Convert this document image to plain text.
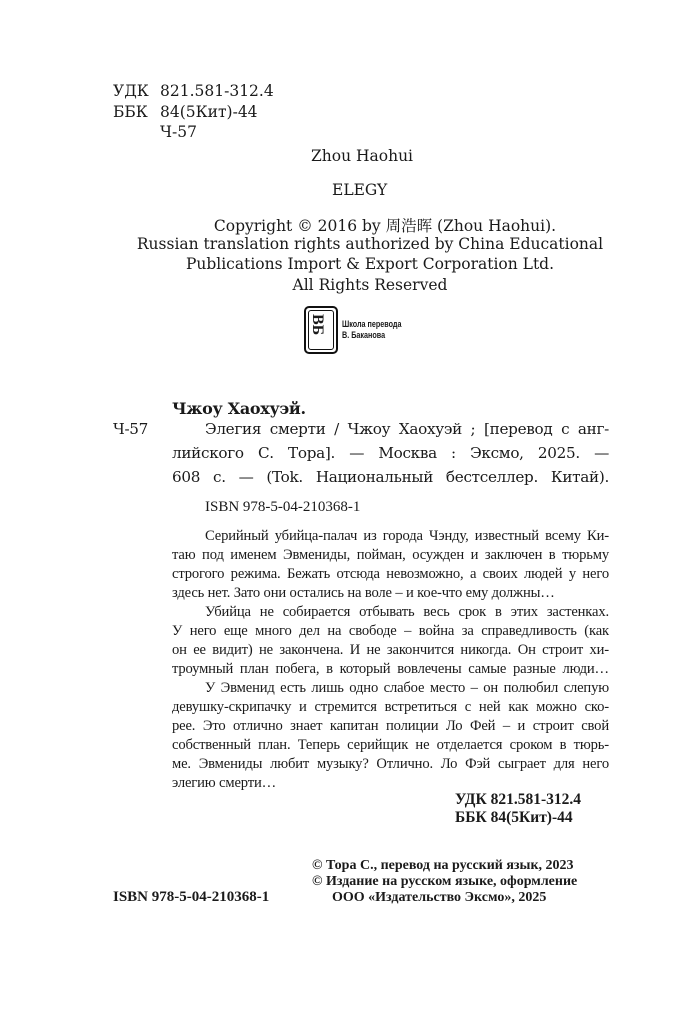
УДК 821.581-312.4
ББК 84(5Кит)-44
Ч-57
Zhou Haohui
ELEGY
Copyright © 2016 by 周浩晖 (Zhou Haohui).
Russian translation rights authorized by China Educational
Publications Import & Export Corporation Ltd.
All Rights Reserved
ВБ Школа перевода
В. Баканова
Чжоу Хаохуэй.
Ч-57	Элегия смерти / Чжоу Хаохуэй ; [перевод с анг-
лийского С. Тора]. — Москва : Эксмо, 2025. —
608 с. — (Tok. Национальный бестселлер. Китай).
ISBN 978-5-04-210368-1
Серийный убийца-палач из города Чэнду, известный всему Ки-
таю под именем Эвмениды, пойман, осужден и заключен в тюрьму
строгого режима. Бежать отсюда невозможно, а своих людей у него
здесь нет. Зато они остались на воле – и кое-что ему должны…
Убийца не собирается отбывать весь срок в этих застенках.
У него еще много дел на свободе – война за справедливость (как
он ее видит) не закончена. И не закончится никогда. Он строит хи-
троумный план побега, в который вовлечены самые разные люди…
У Эвменид есть лишь одно слабое место – он полюбил слепую
девушку-скрипачку и стремится встретиться с ней как можно ско-
рее. Это отлично знает капитан полиции Ло Фей – и строит свой
собственный план. Теперь серийщик не отделается сроком в тюрь-
ме. Эвмениды любит музыку? Отлично. Ло Фэй сыграет для него
элегию смерти…
УДК 821.581-312.4
ББК 84(5Кит)-44
© Тора С., перевод на русский язык, 2023
© Издание на русском языке, оформление
ООО «Издательство Эксмо», 2025
ISBN 978-5-04-210368-1
